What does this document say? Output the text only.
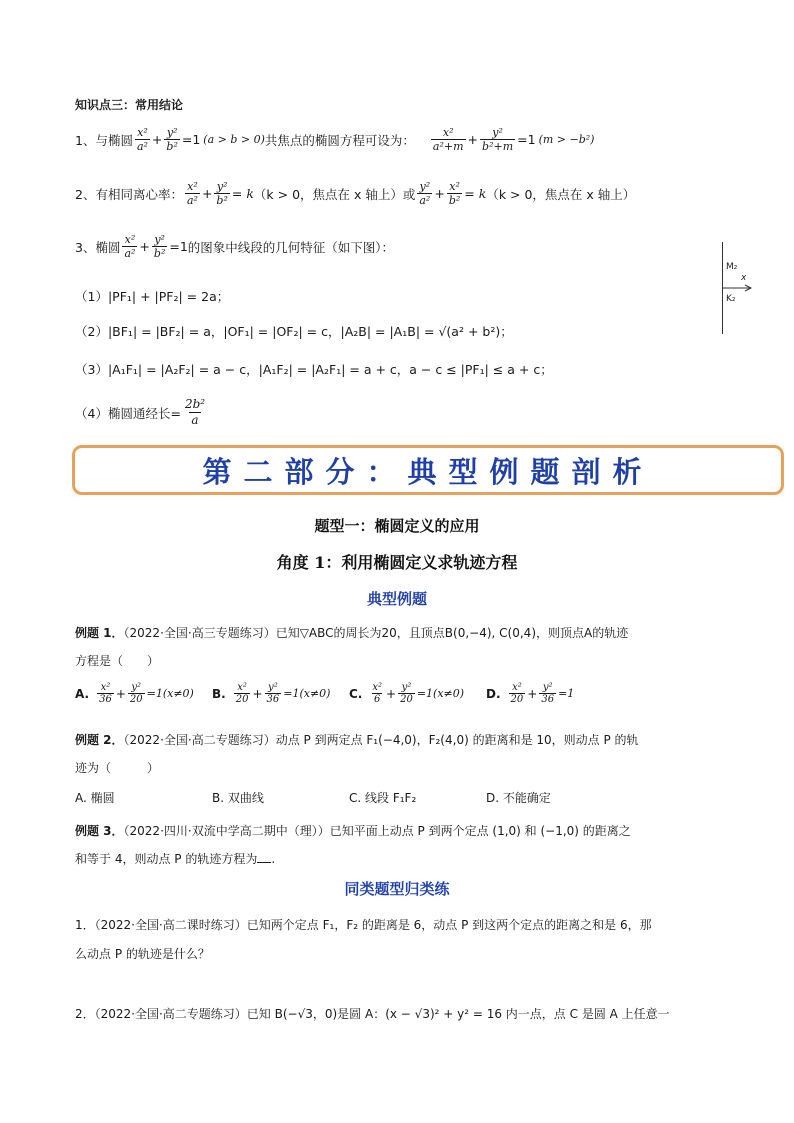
知识点三：常用结论
1、与椭圆 $\frac{\text{x²}}{\text{a²}} + \frac{\text{y²}}{\text{b²}} =1$ (a > b > 0) 共焦点的椭圆方程可设为： $\frac{\text{x²}}{\text{a²+m}} + \frac{\text{y²}}{\text{b²+m}} =1$ (m > −b²)
2、有相同离心率： $\frac{\text{x²}}{\text{a²}} + \frac{\text{y²}}{\text{b²}} = k$ （k > 0，焦点在 x 轴上）或 $\frac{\text{y²}}{\text{a²}} + \frac{\text{x²}}{\text{b²}} = k$ （k > 0，焦点在 x 轴上）
3、椭圆 $\frac{\text{x²}}{\text{a²}} + \frac{\text{y²}}{\text{b²}} =1$ 的图象中线段的几何特征（如下图）：
（1）|PF₁| + |PF₂| = 2a；
（2）|BF₁| = |BF₂| = a，|OF₁| = |OF₂| = c，|A₂B| = |A₁B| = √(a² + b²)；
（3）|A₁F₁| = |A₂F₂| = a − c，|A₁F₂| = |A₂F₁| = a + c，a − c ≤ |PF₁| ≤ a + c；
（4）椭圆通经长= $\frac{\text{2b²}}{a}$
M₂
x
K₂
第二部分：典型例题剖析
题型一：椭圆定义的应用
角度 1：利用椭圆定义求轨迹方程
典型例题
例题 1．（2022·全国·高三专题练习）已知▽ABC的周长为20，且顶点B(0,−4), C(0,4)，则顶点A的轨迹
方程是（　　）
A. $\frac{\text{x²}}{36} + \frac{\text{y²}}{20} =1(x\ne 0)$ B. $\frac{\text{x²}}{20} + \frac{\text{y²}}{36} =1(x\ne 0)$ C. $\frac{\text{x²}}{6} + \frac{\text{y²}}{20} =1(x\ne 0)$ D. $\frac{\text{x²}}{20} + \frac{\text{y²}}{36} =1$
例题 2．（2022·全国·高二专题练习）动点 P 到两定点 F₁(−4,0)，F₂(4,0) 的距离和是 10，则动点 P 的轨
迹为（　　　）
A. 椭圆	B. 双曲线	C. 线段 F₁F₂	D. 不能确定
例题 3．（2022·四川·双流中学高二期中（理））已知平面上动点 P 到两个定点 (1,0) 和 (−1,0) 的距离之
和等于 4，则动点 P 的轨迹方程为 .
同类题型归类练
1．（2022·全国·高二课时练习）已知两个定点 F₁，F₂ 的距离是 6，动点 P 到这两个定点的距离之和是 6，那
么动点 P 的轨迹是什么？
2．（2022·全国·高二专题练习）已知 B(−√3，0)是圆 A：(x − √3)² + y² = 16 内一点，点 C 是圆 A 上任意一
